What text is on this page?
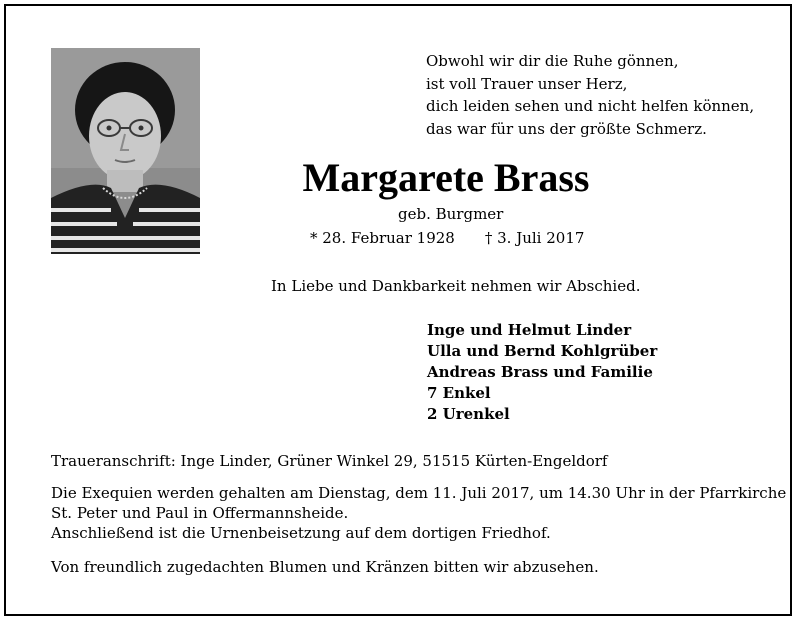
Obwohl wir dir die Ruhe gönnen,
ist voll Trauer unser Herz,
dich leiden sehen und nicht helfen können,
das war für uns der größte Schmerz.
Margarete Brass
geb. Burgmer
* 28. Februar 1928 † 3. Juli 2017
In Liebe und Dankbarkeit nehmen wir Abschied.
Inge und Helmut Linder
Ulla und Bernd Kohlgrüber
Andreas Brass und Familie
7 Enkel
2 Urenkel
Traueranschrift: Inge Linder, Grüner Winkel 29, 51515 Kürten-Engeldorf
Die Exequien werden gehalten am Dienstag, dem 11. Juli 2017, um 14.30 Uhr in der Pfarrkirche
St. Peter und Paul in Offermannsheide.
Anschließend ist die Urnenbeisetzung auf dem dortigen Friedhof.
Von freundlich zugedachten Blumen und Kränzen bitten wir abzusehen.
